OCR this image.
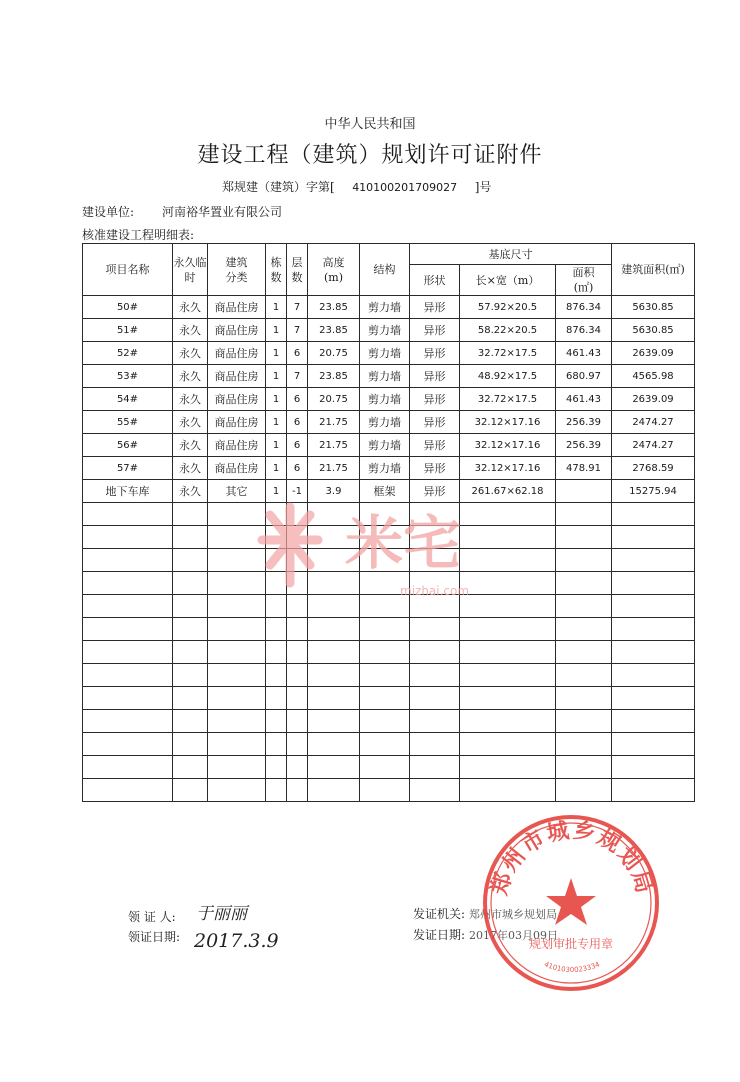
中华人民共和国
建设工程（建筑）规划许可证附件
郑规建（建筑）字第[ 410100201709027 ]号
建设单位: 河南裕华置业有限公司
核准建设工程明细表:
项目名称	永久临时	建筑分类	栋数	层数	高度(m)	结构	基底尺寸			建筑面积(㎡)
							形状	长×宽（m）	面积(㎡)	
50#	永久	商品住房	1	7	23.85	剪力墙	异形	57.92×20.5	876.34	5630.85
51#	永久	商品住房	1	7	23.85	剪力墙	异形	58.22×20.5	876.34	5630.85
52#	永久	商品住房	1	6	20.75	剪力墙	异形	32.72×17.5	461.43	2639.09
53#	永久	商品住房	1	7	23.85	剪力墙	异形	48.92×17.5	680.97	4565.98
54#	永久	商品住房	1	6	20.75	剪力墙	异形	32.72×17.5	461.43	2639.09
55#	永久	商品住房	1	6	21.75	剪力墙	异形	32.12×17.16	256.39	2474.27
56#	永久	商品住房	1	6	21.75	剪力墙	异形	32.12×17.16	256.39	2474.27
57#	永久	商品住房	1	6	21.75	剪力墙	异形	32.12×17.16	478.91	2768.59
地下车库	永久	其它	1	-1	3.9	框架	异形	261.67×62.18		15275.94

米宅
mizhai.com
领 证 人:
领证日期:
于丽丽
2017.3.9
发证机关: 郑州市城乡规划局
发证日期: 2017年03月09日
郑州市城乡规划局
规划审批专用章
4101030023334
